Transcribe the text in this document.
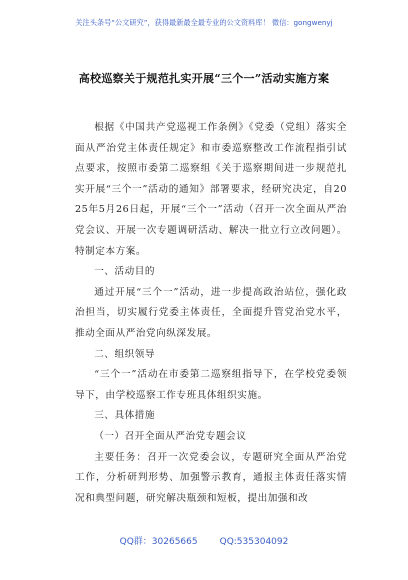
关注头条号“公文研究”，获得最新最全最专业的公文资料库！ 微信：gongwenyj
高校巡察关于规范扎实开展“三个一”活动实施方案

根据《中国共产党巡视工作条例》《党委（党组）落实全面从严治党主体责任规定》和市委巡察整改工作流程指引试点要求，按照市委第二巡察组《关于巡察期间进一步规范扎实开展“三个一”活动的通知》部署要求，经研究决定，自2025年5月26日起，开展“三个一”活动（召开一次全面从严治党会议、开展一次专题调研活动、解决一批立行立改问题）。特制定本方案。

一、活动目的

通过开展“三个一”活动，进一步提高政治站位，强化政治担当，切实履行党委主体责任，全面提升管党治党水平，推动全面从严治党向纵深发展。

二、组织领导

“三个一”活动在市委第二巡察组指导下，在学校党委领导下，由学校巡察工作专班具体组织实施。

三、具体措施

（一）召开全面从严治党专题会议

主要任务：召开一次党委会议，专题研究全面从严治党工作，分析研判形势、加强警示教育，通报主体责任落实情况和典型问题，研究解决瓶颈和短板，提出加强和改

QQ群：30265665 QQ:535304092
